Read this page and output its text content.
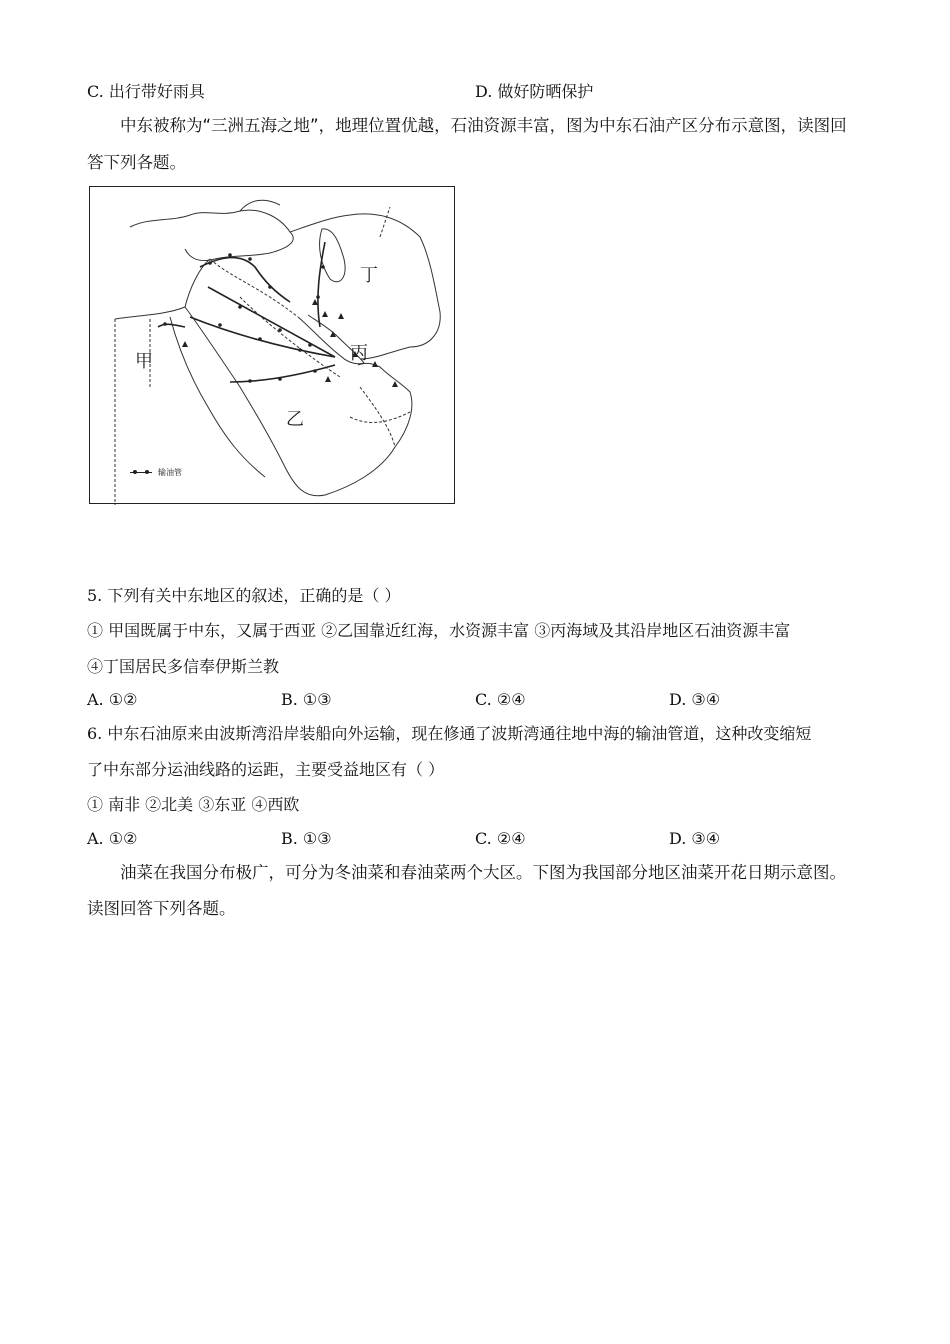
C. 出行带好雨具	D. 做好防晒保护
中东被称为“三洲五海之地”，地理位置优越，石油资源丰富，图为中东石油产区分布示意图，读图回
答下列各题。
甲
乙
丙
丁
输油管
5. 下列有关中东地区的叙述，正确的是（ ）
① 甲国既属于中东，又属于西亚 ②乙国靠近红海，水资源丰富 ③丙海域及其沿岸地区石油资源丰富
④丁国居民多信奉伊斯兰教
A. ①②	B. ①③	C. ②④	D. ③④
6. 中东石油原来由波斯湾沿岸装船向外运输，现在修通了波斯湾通往地中海的输油管道，这种改变缩短
了中东部分运油线路的运距，主要受益地区有（ ）
① 南非 ②北美 ③东亚 ④西欧
A. ①②	B. ①③	C. ②④	D. ③④
油菜在我国分布极广，可分为冬油菜和春油菜两个大区。下图为我国部分地区油菜开花日期示意图。
读图回答下列各题。
